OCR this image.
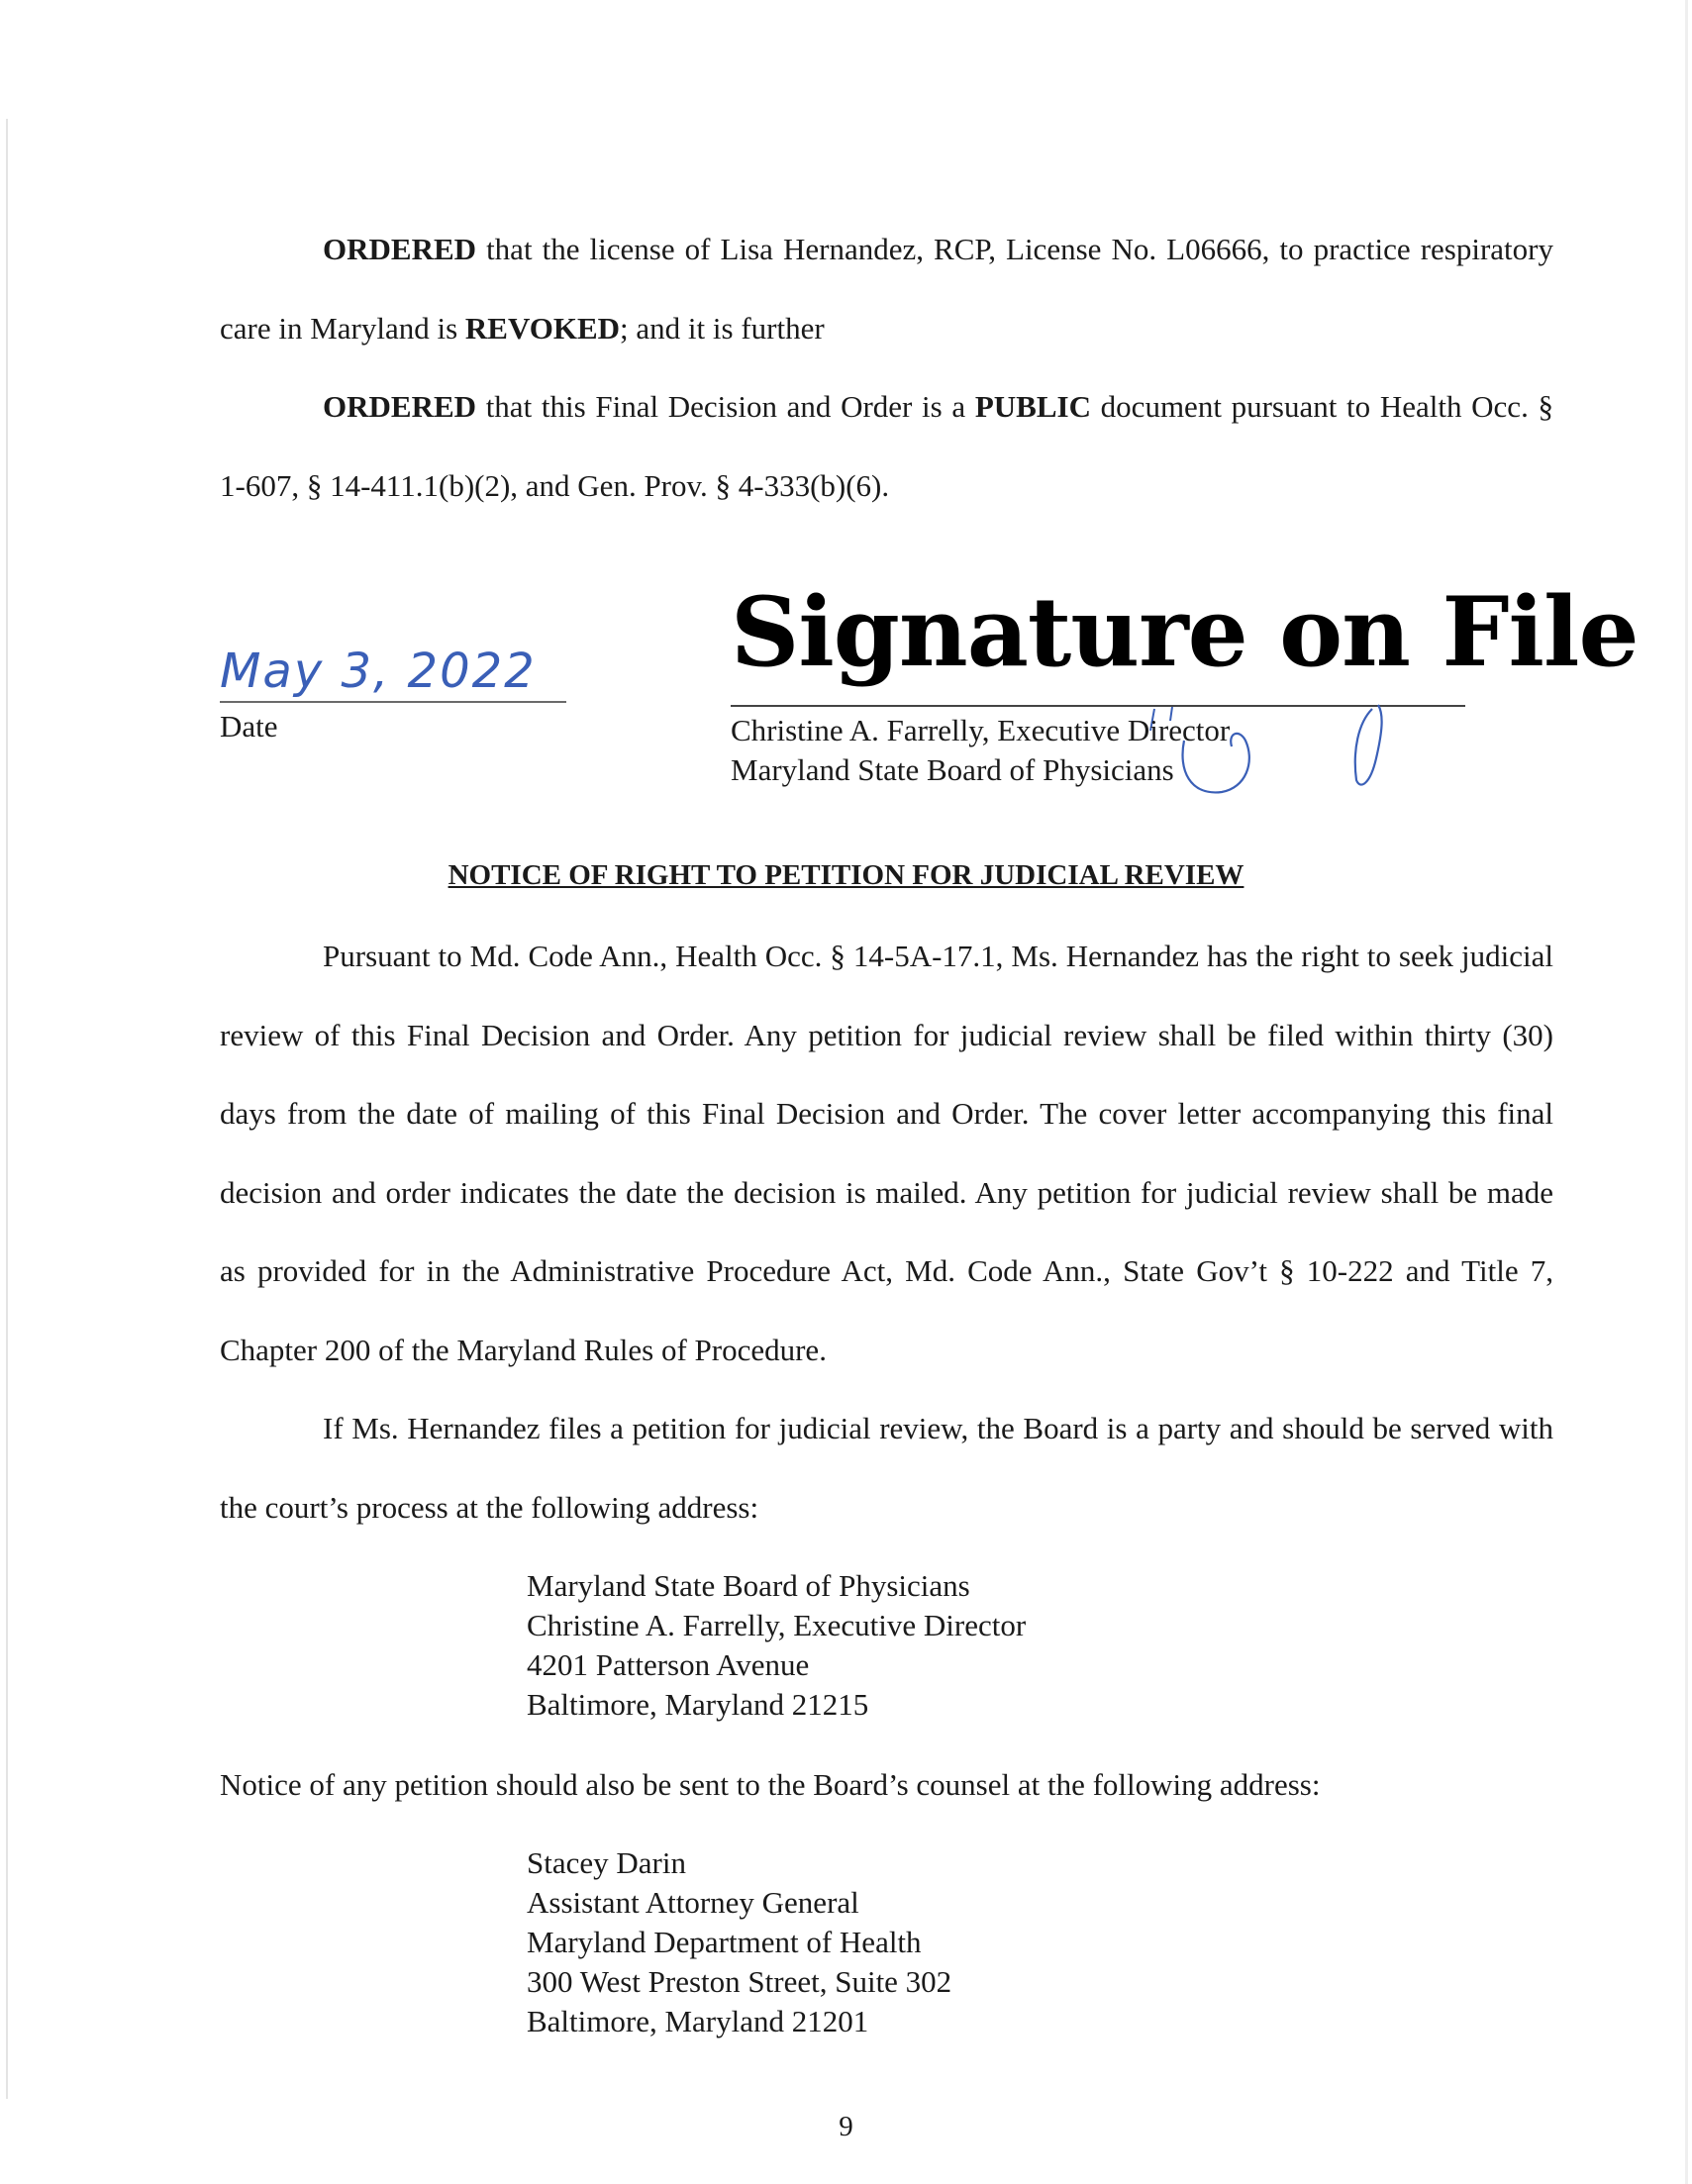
ORDERED that the license of Lisa Hernandez, RCP, License No. L06666, to practice respiratory care in Maryland is REVOKED; and it is further

ORDERED that this Final Decision and Order is a PUBLIC document pursuant to Health Occ. § 1-607, § 14-411.1(b)(2), and Gen. Prov. § 4-333(b)(6).

May 3, 2022
Date
Signature on File
Christine A. Farrelly, Executive Director
Maryland State Board of Physicians
NOTICE OF RIGHT TO PETITION FOR JUDICIAL REVIEW

Pursuant to Md. Code Ann., Health Occ. § 14-5A-17.1, Ms. Hernandez has the right to seek judicial review of this Final Decision and Order. Any petition for judicial review shall be filed within thirty (30) days from the date of mailing of this Final Decision and Order. The cover letter accompanying this final decision and order indicates the date the decision is mailed. Any petition for judicial review shall be made as provided for in the Administrative Procedure Act, Md. Code Ann., State Gov’t § 10-222 and Title 7, Chapter 200 of the Maryland Rules of Procedure.

If Ms. Hernandez files a petition for judicial review, the Board is a party and should be served with the court’s process at the following address:

Maryland State Board of Physicians
Christine A. Farrelly, Executive Director
4201 Patterson Avenue
Baltimore, Maryland 21215

Notice of any petition should also be sent to the Board’s counsel at the following address:

Stacey Darin
Assistant Attorney General
Maryland Department of Health
300 West Preston Street, Suite 302
Baltimore, Maryland 21201
9
